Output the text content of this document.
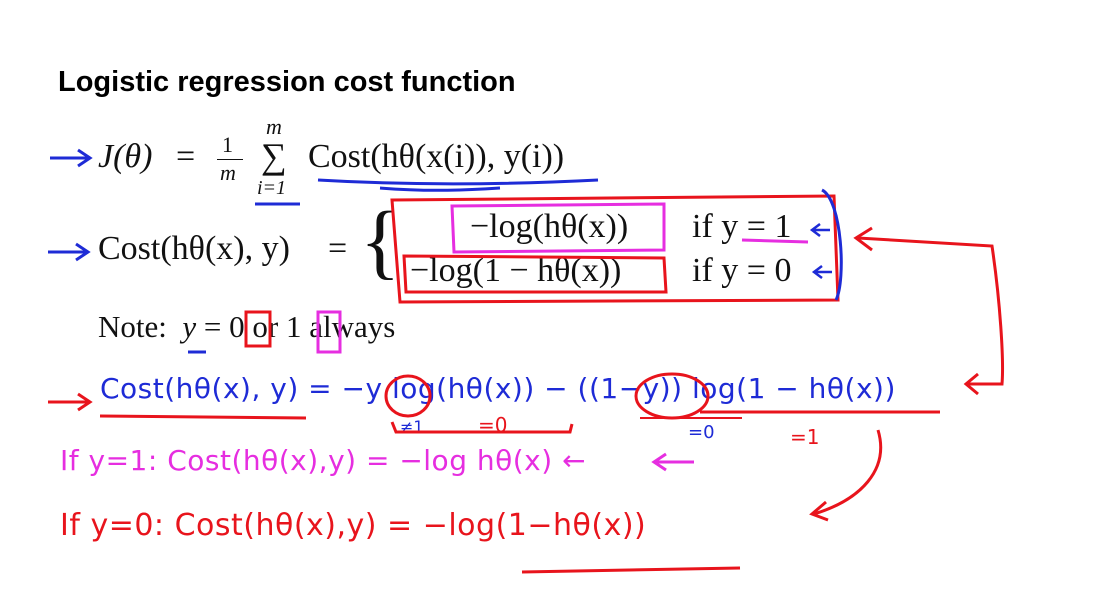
Logistic regression cost function
J(θ) = 1
m
m
∑
i=1
Cost(hθ(x(i)), y(i))
Cost(hθ(x), y) = { −log(hθ(x)) if y = 1
−log(1 − hθ(x)) if y = 0
Note: y = 0 or 1 always
Cost(hθ(x), y) = −y log(hθ(x)) − ((1−y)) log(1 − hθ(x))
≠1	=0	=0	=1
If y=1: Cost(hθ(x),y) = −log hθ(x) ←
If y=0: Cost(hθ(x),y) = −log(1−hθ(x))
